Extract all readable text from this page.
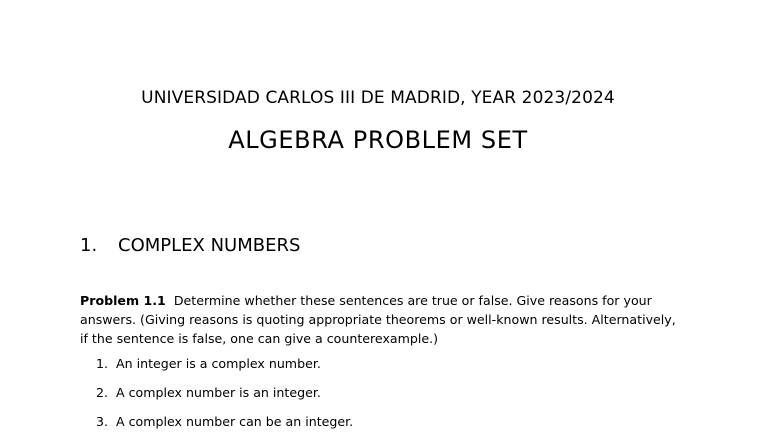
UNIVERSIDAD CARLOS III DE MADRID, YEAR 2023/2024
ALGEBRA PROBLEM SET
1. COMPLEX NUMBERS
Problem 1.1 Determine whether these sentences are true or false. Give reasons for your answers. (Giving reasons is quoting appropriate theorems or well-known results. Alternatively, if the sentence is false, one can give a counterexample.)
1. An integer is a complex number.
2. A complex number is an integer.
3. A complex number can be an integer.
